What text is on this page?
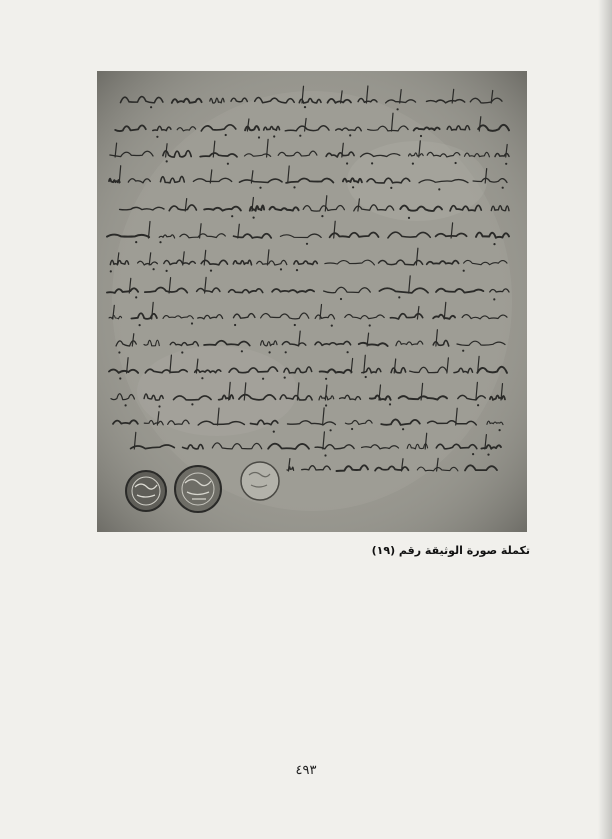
تكملة صورة الوثيقة رقم (١٩)
٤٩٣
